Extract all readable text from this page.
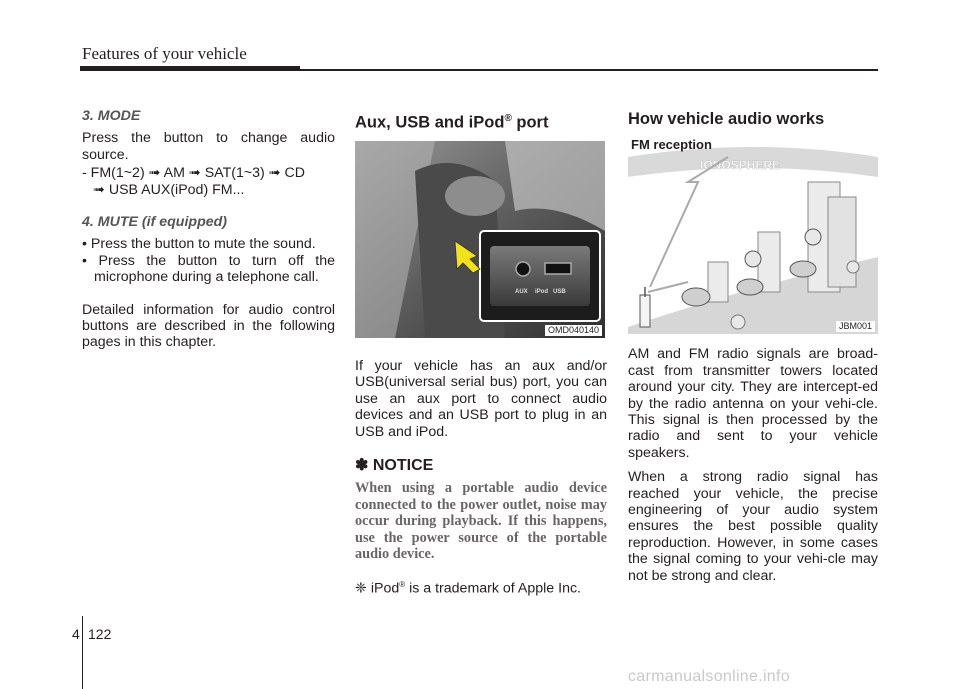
Features of your vehicle
3. MODE

Press the button to change audio source.

- FM(1~2) ➟ AM ➟ SAT(1~3) ➟ CD
➟ USB AUX(iPod) FM...

4. MUTE (if equipped)

• Press the button to mute the sound.

• Press the button to turn off the microphone during a telephone call.

Detailed information for audio control buttons are described in the following pages in this chapter.

Aux, USB and iPod® port
AUX iPod USB
OMD040140

If your vehicle has an aux and/or USB(universal serial bus) port, you can use an aux port to connect audio devices and an USB port to plug in an USB and iPod.

✽ NOTICE

When using a portable audio device connected to the power outlet, noise may occur during playback. If this happens, use the power source of the portable audio device.

❈ iPod® is a trademark of Apple Inc.

How vehicle audio works
IONOSPHERE
FM reception
JBM001

AM and FM radio signals are broad-cast from transmitter towers located around your city. They are intercept-ed by the radio antenna on your vehi-cle. This signal is then processed by the radio and sent to your vehicle speakers.

When a strong radio signal has reached your vehicle, the precise engineering of your audio system ensures the best possible quality reproduction. However, in some cases the signal coming to your vehi-cle may not be strong and clear.

4 122
carmanualsonline.info
